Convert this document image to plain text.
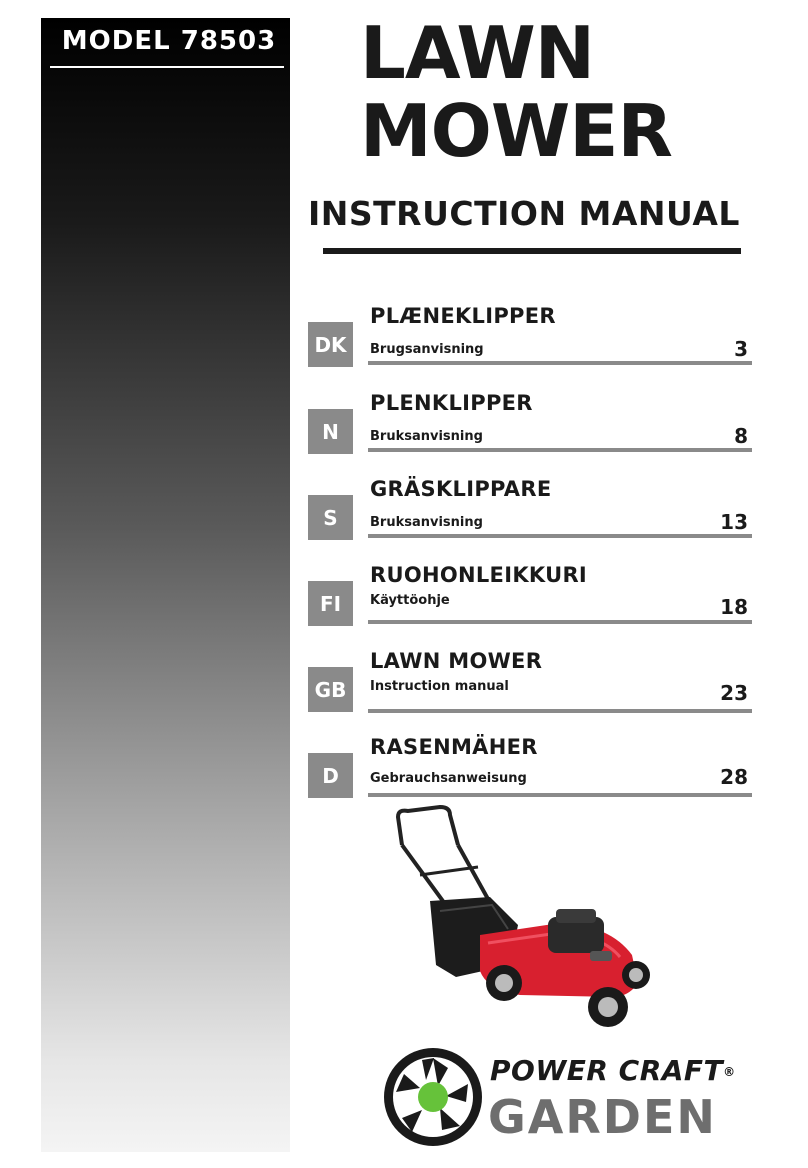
MODEL 78503 LAWN
MOWER
INSTRUCTION MANUAL
DK
PLÆNEKLIPPER
Brugsanvisning	3
N
PLENKLIPPER
Bruksanvisning	8
S
GRÄSKLIPPARE
Bruksanvisning	13
FI
RUOHONLEIKKURI
Käyttöohje	18
GB
LAWN MOWER
Instruction manual	23
D
RASENMÄHER
Gebrauchsanweisung	28
POWER CRAFT®
GARDEN
